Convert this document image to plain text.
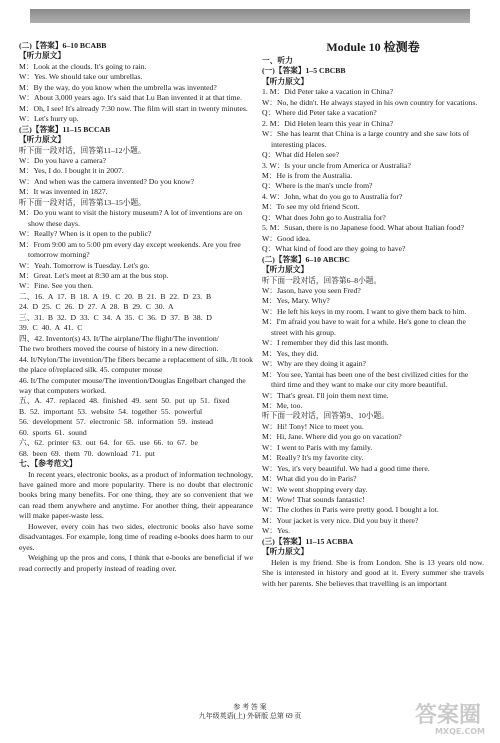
(二)【答案】6–10 BCABB

【听力原文】

M：Look at the clouds. It's going to rain.

W：Yes. We should take our umbrellas.

M：By the way, do you know when the umbrella was invented?

W：About 3,000 years ago. It's said that Lu Ban invented it at that time.

M：Oh, I see! It's already 7:30 now. The film will start in twenty minutes.

W：Let's hurry up.

(三)【答案】11–15 BCCAB

【听力原文】

听下面一段对话，回答第11–12小题。

W：Do you have a camera?

M：Yes, I do. I bought it in 2007.

W：And when was the camera invented? Do you know?

M：It was invented in 1827.

听下面一段对话，回答第13–15小题。

M：Do you want to visit the history museum? A lot of inventions are on show these days.

W：Really? When is it open to the public?

M：From 9:00 am to 5:00 pm every day except weekends. Are you free tomorrow morning?

W：Yeah. Tomorrow is Tuesday. Let's go.

M：Great. Let's meet at 8:30 am at the bus stop.

W：Fine. See you then.

二、16. A 17. B 18. A 19. C 20. B 21. B 22. D 23. B

24. D 25. C 26. D 27. A 28. B 29. C 30. A

三、31. B 32. D 33. C 34. A 35. C 36. D 37. B 38. D

39. C 40. A 41. C

四、42. Inventor(s) 43. It/The airplane/The flight/The invention/

The two brothers moved the course of history in a new direction.

44. It/Nylon/The invention/The fibers became a replacement of silk. /It took the place of/replaced silk. 45. computer mouse

46. It/The computer mouse/The invention/Douglas Engelbart changed the way that computers worked.

五、A. 47. replaced 48. finished 49. sent 50. put up 51. fixed

B. 52. important 53. website 54. together 55. powerful

56. development 57. electronic 58. information 59. instead

60. sports 61. sound

六、62. printer 63. out 64. for 65. use 66. to 67. be

68. been 69. them 70. download 71. put

七、【参考范文】

In recent years, electronic books, as a product of information technology, have gained more and more popularity. There is no doubt that electronic books bring many benefits. For one thing, they are so convenient that we can read them anywhere and anytime. For another thing, their appearance will make paper-waste less.

However, every coin has two sides, electronic books also have some disadvantages. For example, long time of reading e-books does harm to our eyes.

Weighing up the pros and cons, I think that e-books are beneficial if we read correctly and properly instead of reading over.

Module 10 检测卷

一、听力

(一)【答案】1–5 CBCBB

【听力原文】

1. M：Did Peter take a vacation in China?

W：No, he didn't. He always stayed in his own country for vacations.

Q：Where did Peter take a vacation?

2. M：Did Helen learn this year in China?

W：She has learnt that China is a large country and she saw lots of interesting places.

Q：What did Helen see?

3. W：Is your uncle from America or Australia?

M：He is from the Australia.

Q：Where is the man's uncle from?

4. W：John, what do you go to Australia for?

M：To see my old friend Scott.

Q：What does John go to Australia for?

5. M：Susan, there is no Japanese food. What about Italian food?

W：Good idea.

Q：What kind of food are they going to have?

(二)【答案】6–10 ABCBC

【听力原文】

听下面一段对话，回答第6–8小题。

W：Jason, have you seen Fred?

M：Yes, Mary. Why?

W：He left his keys in my room. I want to give them back to him.

M：I'm afraid you have to wait for a while. He's gone to clean the street with his group.

W：I remember they did this last month.

M：Yes, they did.

W：Why are they doing it again?

M：You see, Yantai has been one of the best civilized cities for the third time and they want to make our city more beautiful.

W：That's great. I'll join them next time.

M：Me, too.

听下面一段对话，回答第9、10小题。

W：Hi! Tony! Nice to meet you.

M：Hi, Jane. Where did you go on vacation?

W：I went to Paris with my family.

M：Really? It's my favorite city.

W：Yes, it's very beautiful. We had a good time there.

M：What did you do in Paris?

W：We went shopping every day.

M：Wow! That sounds fantastic!

W：The clothes in Paris were pretty good. I bought a lot.

M：Your jacket is very nice. Did you buy it there?

W：Yes.

(三)【答案】11–15 ACBBA

【听力原文】

Helen is my friend. She is from London. She is 13 years old now. She is interested in history and good at it. Every summer she travels with her parents. She believes that travelling is an important

参 考 答 案
九年级英语(上) 外研版 总第 69 页	答案圈
MXQE.COM
